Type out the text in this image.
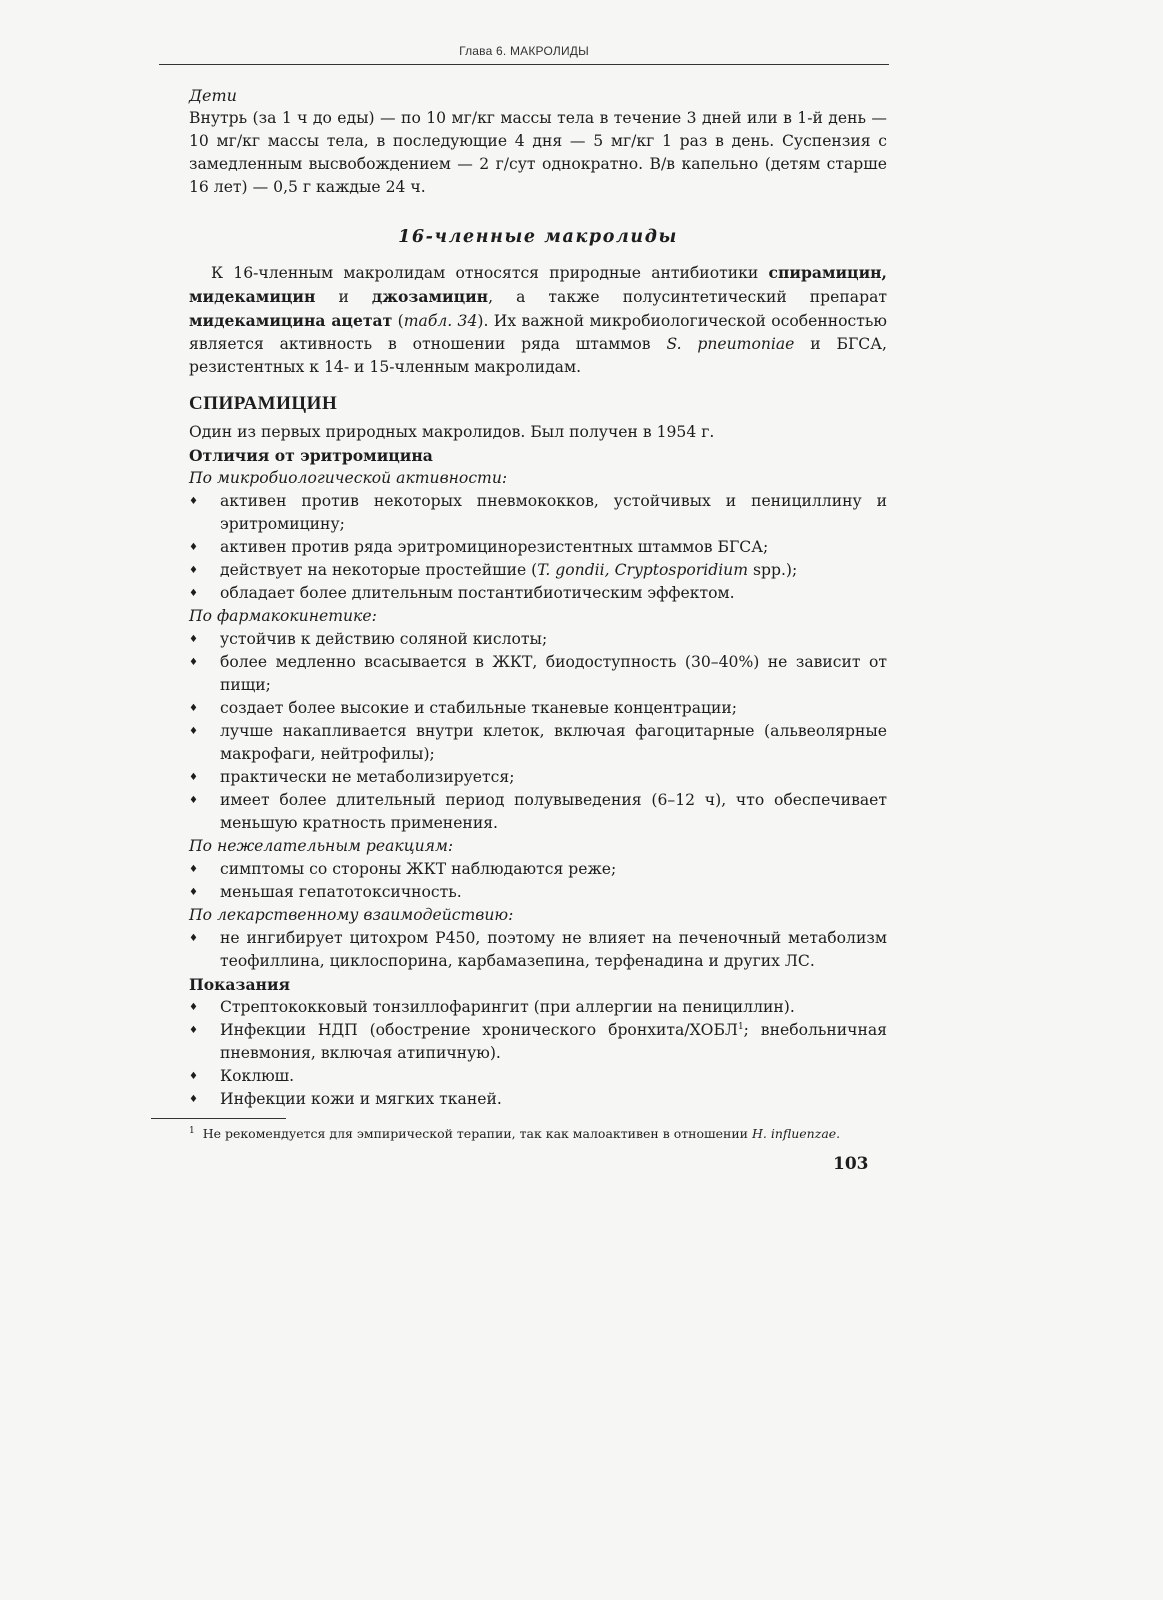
Глава 6. МАКРОЛИДЫ

Дети

Внутрь (за 1 ч до еды) — по 10 мг/кг массы тела в течение 3 дней или в 1-й день — 10 мг/кг массы тела, в последующие 4 дня — 5 мг/кг 1 раз в день. Суспензия с замедленным высвобождением — 2 г/сут однократно. В/в капельно (детям старше 16 лет) — 0,5 г каждые 24 ч.

16-членные макролиды

К 16-членным макролидам относятся природные антибиотики спирамицин, мидекамицин и джозамицин, а также полусинтетический препарат мидекамицина ацетат (табл. 34). Их важной микробиологической особенностью является активность в отношении ряда штаммов S. pneumoniae и БГСА, резистентных к 14- и 15-членным макролидам.

СПИРАМИЦИН

Один из первых природных макролидов. Был получен в 1954 г.

Отличия от эритромицина

По микробиологической активности:

♦ активен против некоторых пневмококков, устойчивых и пенициллину и эритромицину;
♦ активен против ряда эритромицинорезистентных штаммов БГСА;
♦ действует на некоторые простейшие (T. gondii, Cryptosporidium spp.);
♦ обладает более длительным постантибиотическим эффектом.

По фармакокинетике:

♦ устойчив к действию соляной кислоты;
♦ более медленно всасывается в ЖКТ, биодоступность (30–40%) не зависит от пищи;
♦ создает более высокие и стабильные тканевые концентрации;
♦ лучше накапливается внутри клеток, включая фагоцитарные (альвеолярные макрофаги, нейтрофилы);
♦ практически не метаболизируется;
♦ имеет более длительный период полувыведения (6–12 ч), что обеспечивает меньшую кратность применения.

По нежелательным реакциям:

♦ симптомы со стороны ЖКТ наблюдаются реже;
♦ меньшая гепатотоксичность.

По лекарственному взаимодействию:

♦ не ингибирует цитохром Р450, поэтому не влияет на печеночный метаболизм теофиллина, циклоспорина, карбамазепина, терфенадина и других ЛС.

Показания

♦ Стрептококковый тонзиллофарингит (при аллергии на пенициллин).
♦ Инфекции НДП (обострение хронического бронхита/ХОБЛ$^1$; внебольничная пневмония, включая атипичную).
♦ Коклюш.
♦ Инфекции кожи и мягких тканей.
$^1$ Не рекомендуется для эмпирической терапии, так как малоактивен в отношении H. influenzae.
103
